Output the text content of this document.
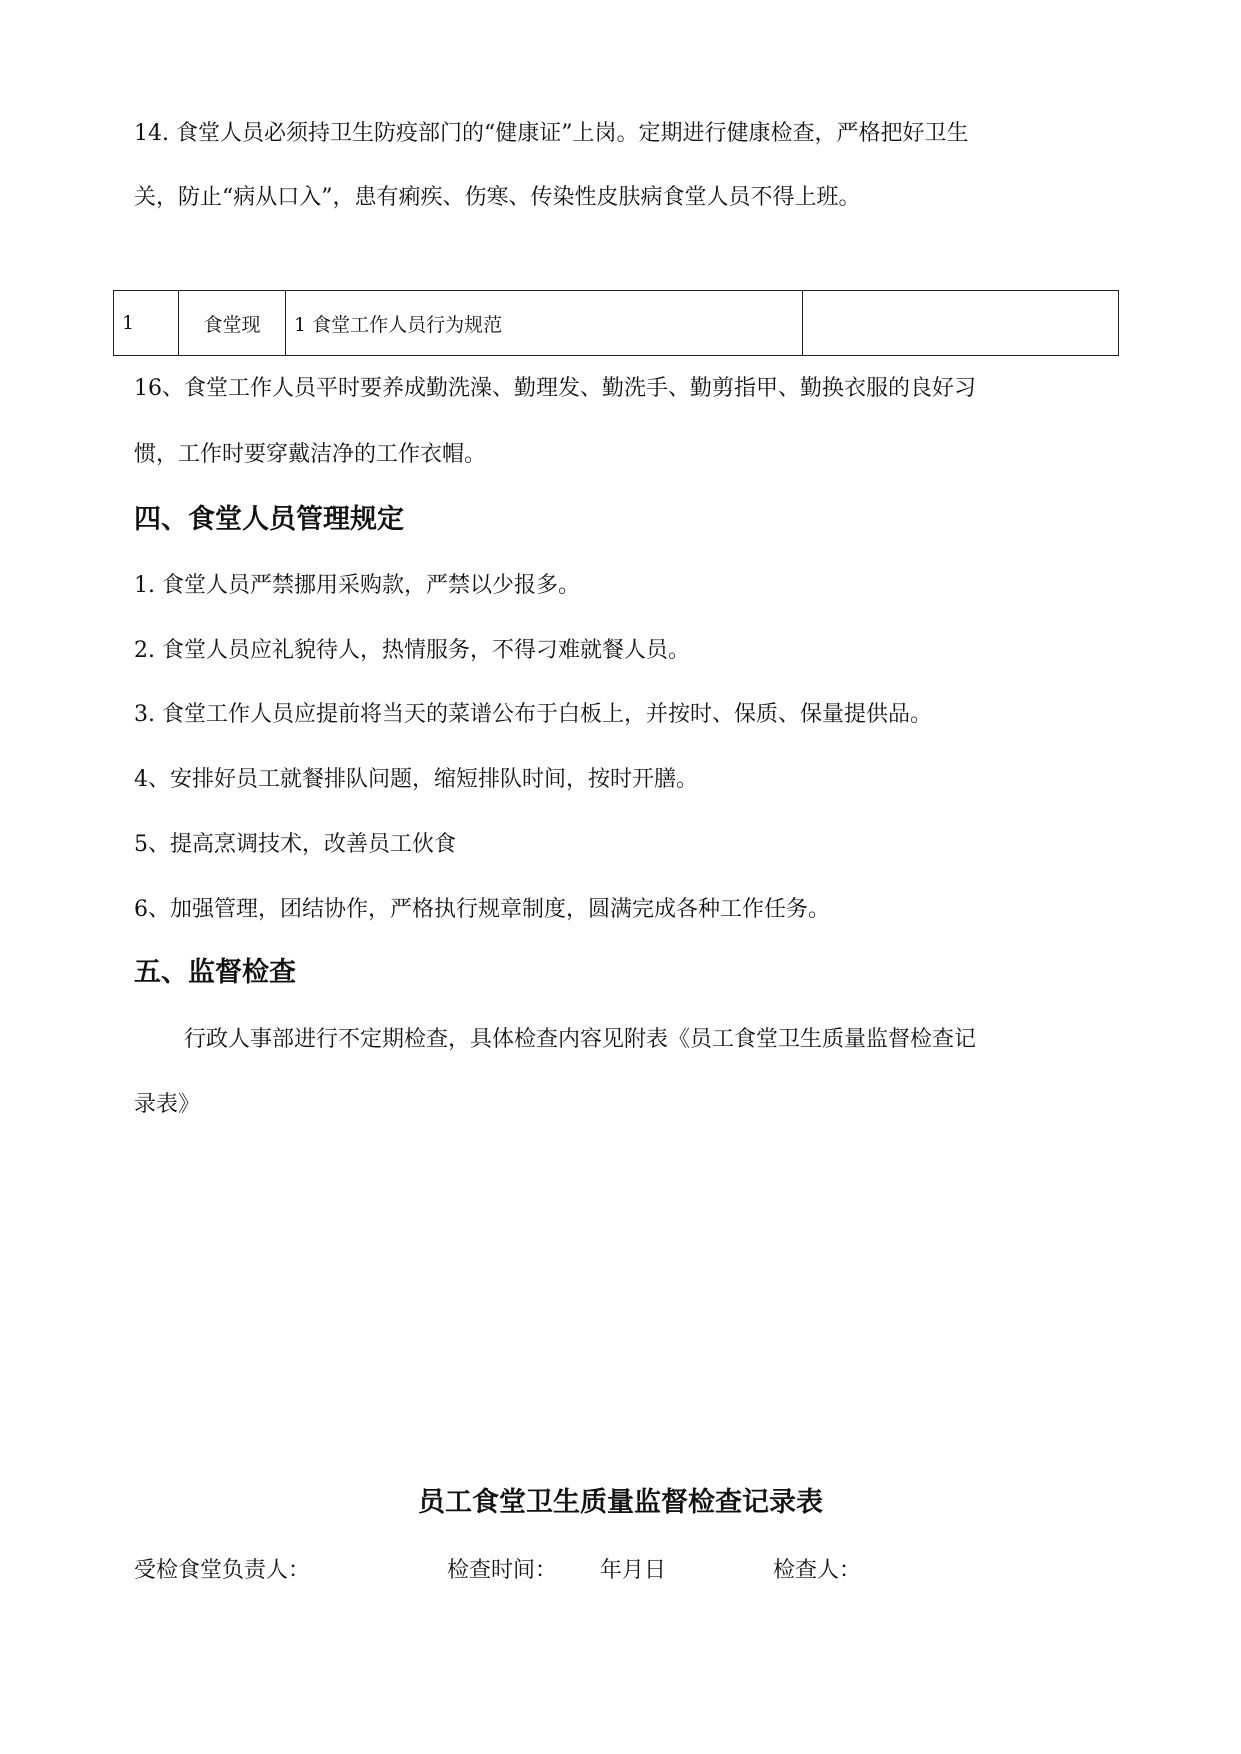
14. 食堂人员必须持卫生防疫部门的“健康证”上岗。定期进行健康检查，严格把好卫生
关，防止“病从口入”，患有痢疾、伤寒、传染性皮肤病食堂人员不得上班。
1	食堂现	1 食堂工作人员行为规范	
16、食堂工作人员平时要养成勤洗澡、勤理发、勤洗手、勤剪指甲、勤换衣服的良好习
惯，工作时要穿戴洁净的工作衣帽。
四、食堂人员管理规定
1. 食堂人员严禁挪用采购款，严禁以少报多。
2. 食堂人员应礼貌待人，热情服务，不得刁难就餐人员。
3. 食堂工作人员应提前将当天的菜谱公布于白板上，并按时、保质、保量提供品。
4、安排好员工就餐排队问题，缩短排队时间，按时开膳。
5、提高烹调技术，改善员工伙食
6、加强管理，团结协作，严格执行规章制度，圆满完成各种工作任务。
五、监督检查
行政人事部进行不定期检查，具体检查内容见附表《员工食堂卫生质量监督检查记
录表》
员工食堂卫生质量监督检查记录表
受检食堂负责人：	检查时间： 年月日	检查人：
